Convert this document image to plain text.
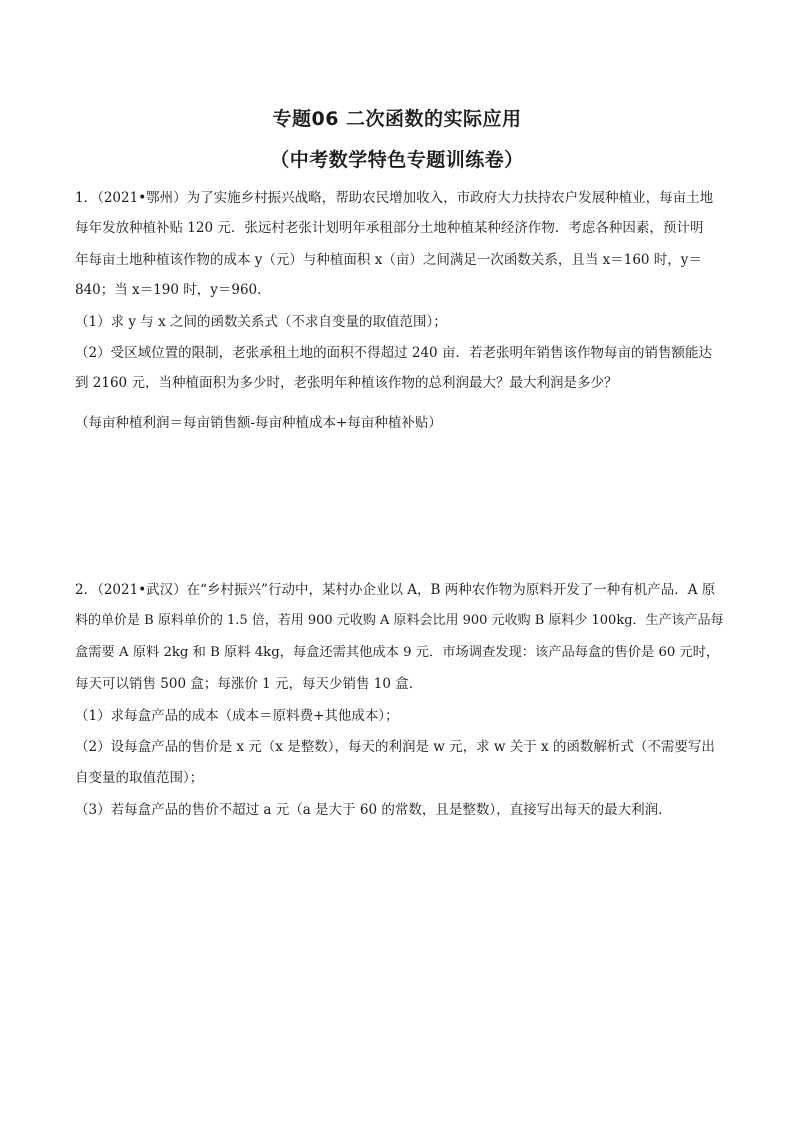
专题06 二次函数的实际应用
（中考数学特色专题训练卷）
1．（2021•鄂州）为了实施乡村振兴战略，帮助农民增加收入，市政府大力扶持农户发展种植业，每亩土地
每年发放种植补贴 120 元．张远村老张计划明年承租部分土地种植某种经济作物．考虑各种因素，预计明
年每亩土地种植该作物的成本 y（元）与种植面积 x（亩）之间满足一次函数关系，且当 x＝160 时，y＝
840；当 x＝190 时，y＝960．
（1）求 y 与 x 之间的函数关系式（不求自变量的取值范围）；
（2）受区域位置的限制，老张承租土地的面积不得超过 240 亩．若老张明年销售该作物每亩的销售额能达
到 2160 元，当种植面积为多少时，老张明年种植该作物的总利润最大？最大利润是多少？
（每亩种植利润＝每亩销售额-每亩种植成本+每亩种植补贴）
2．（2021•武汉）在“乡村振兴”行动中，某村办企业以 A，B 两种农作物为原料开发了一种有机产品．A 原
料的单价是 B 原料单价的 1.5 倍，若用 900 元收购 A 原料会比用 900 元收购 B 原料少 100kg．生产该产品每
盒需要 A 原料 2kg 和 B 原料 4kg，每盒还需其他成本 9 元．市场调查发现：该产品每盒的售价是 60 元时，
每天可以销售 500 盒；每涨价 1 元，每天少销售 10 盒．
（1）求每盒产品的成本（成本＝原料费+其他成本）；
（2）设每盒产品的售价是 x 元（x 是整数），每天的利润是 w 元，求 w 关于 x 的函数解析式（不需要写出
自变量的取值范围）；
（3）若每盒产品的售价不超过 a 元（a 是大于 60 的常数，且是整数），直接写出每天的最大利润．
